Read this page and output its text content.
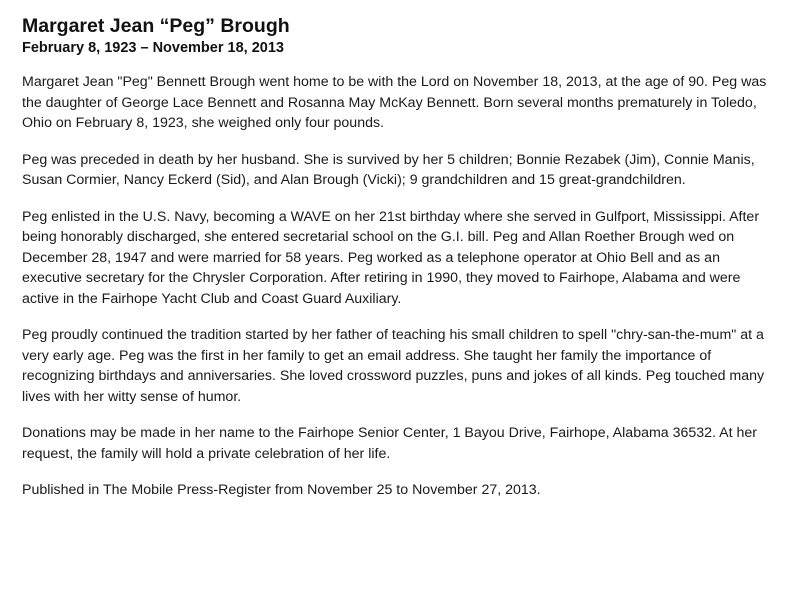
Margaret Jean “Peg” Brough
February 8, 1923 – November 18, 2013

Margaret Jean "Peg" Bennett Brough went home to be with the Lord on November 18, 2013, at the age of 90. Peg was the daughter of George Lace Bennett and Rosanna May McKay Bennett. Born several months prematurely in Toledo, Ohio on February 8, 1923, she weighed only four pounds.

Peg was preceded in death by her husband. She is survived by her 5 children; Bonnie Rezabek (Jim), Connie Manis, Susan Cormier, Nancy Eckerd (Sid), and Alan Brough (Vicki); 9 grandchildren and 15 great-grandchildren.

Peg enlisted in the U.S. Navy, becoming a WAVE on her 21st birthday where she served in Gulfport, Mississippi. After being honorably discharged, she entered secretarial school on the G.I. bill. Peg and Allan Roether Brough wed on December 28, 1947 and were married for 58 years. Peg worked as a telephone operator at Ohio Bell and as an executive secretary for the Chrysler Corporation. After retiring in 1990, they moved to Fairhope, Alabama and were active in the Fairhope Yacht Club and Coast Guard Auxiliary.

Peg proudly continued the tradition started by her father of teaching his small children to spell "chry-san-the-mum" at a very early age. Peg was the first in her family to get an email address. She taught her family the importance of recognizing birthdays and anniversaries. She loved crossword puzzles, puns and jokes of all kinds. Peg touched many lives with her witty sense of humor.

Donations may be made in her name to the Fairhope Senior Center, 1 Bayou Drive, Fairhope, Alabama 36532. At her request, the family will hold a private celebration of her life.

Published in The Mobile Press-Register from November 25 to November 27, 2013.
